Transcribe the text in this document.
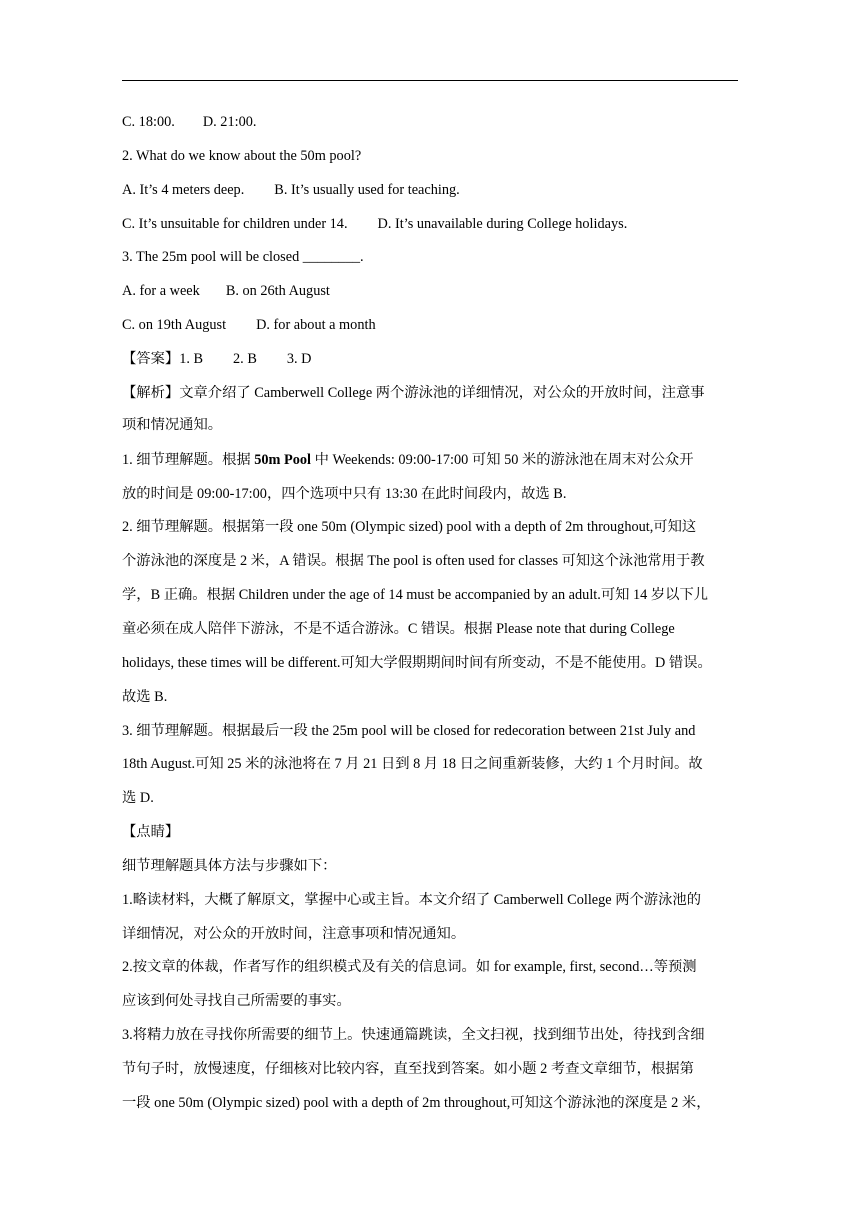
C. 18:00. D. 21:00.
2. What do we know about the 50m pool?
A. It’s 4 meters deep. B. It’s usually used for teaching.
C. It’s unsuitable for children under 14. D. It’s unavailable during College holidays.
3. The 25m pool will be closed ________.
A. for a week B. on 26th August
C. on 19th August D. for about a month
【答案】1. B 2. B 3. D
【解析】文章介绍了 Camberwell College 两个游泳池的详细情况，对公众的开放时间，注意事
项和情况通知。
1. 细节理解题。根据 50m Pool 中 Weekends: 09:00-17:00 可知 50 米的游泳池在周末对公众开
放的时间是 09:00-17:00，四个选项中只有 13:30 在此时间段内，故选 B.
2. 细节理解题。根据第一段 one 50m (Olympic sized) pool with a depth of 2m throughout,可知这
个游泳池的深度是 2 米，A 错误。根据 The pool is often used for classes 可知这个泳池常用于教
学，B 正确。根据 Children under the age of 14 must be accompanied by an adult.可知 14 岁以下儿
童必须在成人陪伴下游泳，不是不适合游泳。C 错误。根据 Please note that during College
holidays, these times will be different.可知大学假期期间时间有所变动，不是不能使用。D 错误。
故选 B.
3. 细节理解题。根据最后一段 the 25m pool will be closed for redecoration between 21st July and
18th August.可知 25 米的泳池将在 7 月 21 日到 8 月 18 日之间重新装修，大约 1 个月时间。故
选 D.
【点睛】
细节理解题具体方法与步骤如下：
1.略读材料，大概了解原文，掌握中心或主旨。本文介绍了 Camberwell College 两个游泳池的
详细情况，对公众的开放时间，注意事项和情况通知。
2.按文章的体裁，作者写作的组织模式及有关的信息词。如 for example, first, second…等预测
应该到何处寻找自己所需要的事实。
3.将精力放在寻找你所需要的细节上。快速通篇跳读，全文扫视，找到细节出处，待找到含细
节句子时，放慢速度，仔细核对比较内容，直至找到答案。如小题 2 考查文章细节，根据第
一段 one 50m (Olympic sized) pool with a depth of 2m throughout,可知这个游泳池的深度是 2 米，
